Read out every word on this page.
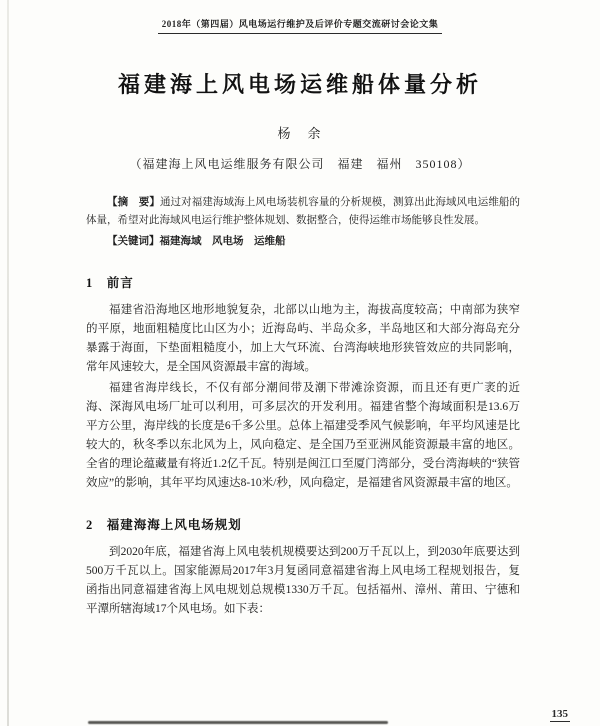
2018年（第四届）风电场运行维护及后评价专题交流研讨会论文集
福建海上风电场运维船体量分析
杨　余
（福建海上风电运维服务有限公司　福建　福州　350108）

【摘　要】通过对福建海域海上风电场装机容量的分析规模，测算出此海域风电运维船的体量，希望对此海域风电运行维护整体规划、数据整合，使得运维市场能够良性发展。

【关键词】福建海域　风电场　运维船

1　前言

福建省沿海地区地形地貌复杂，北部以山地为主，海拔高度较高；中南部为狭窄的平原，地面粗糙度比山区为小；近海岛屿、半岛众多，半岛地区和大部分海岛充分暴露于海面，下垫面粗糙度小，加上大气环流、台湾海峡地形狭管效应的共同影响，常年风速较大，是全国风资源最丰富的海域。

福建省海岸线长，不仅有部分潮间带及潮下带滩涂资源，而且还有更广袤的近海、深海风电场厂址可以利用，可多层次的开发利用。福建省整个海域面积是13.6万平方公里，海岸线的长度是6千多公里。总体上福建受季风气候影响，年平均风速是比较大的，秋冬季以东北风为上，风向稳定、是全国乃至亚洲风能资源最丰富的地区。全省的理论蕴藏量有将近1.2亿千瓦。特别是闽江口至厦门湾部分，受台湾海峡的“狭管效应”的影响，其年平均风速达8-10米/秒，风向稳定，是福建省风资源最丰富的地区。

2　福建海海上风电场规划

到2020年底，福建省海上风电装机规模要达到200万千瓦以上，到2030年底要达到500万千瓦以上。国家能源局2017年3月复函同意福建省海上风电场工程规划报告，复函指出同意福建省海上风电规划总规模1330万千瓦。包括福州、漳州、莆田、宁德和平潭所辖海域17个风电场。如下表：

135
